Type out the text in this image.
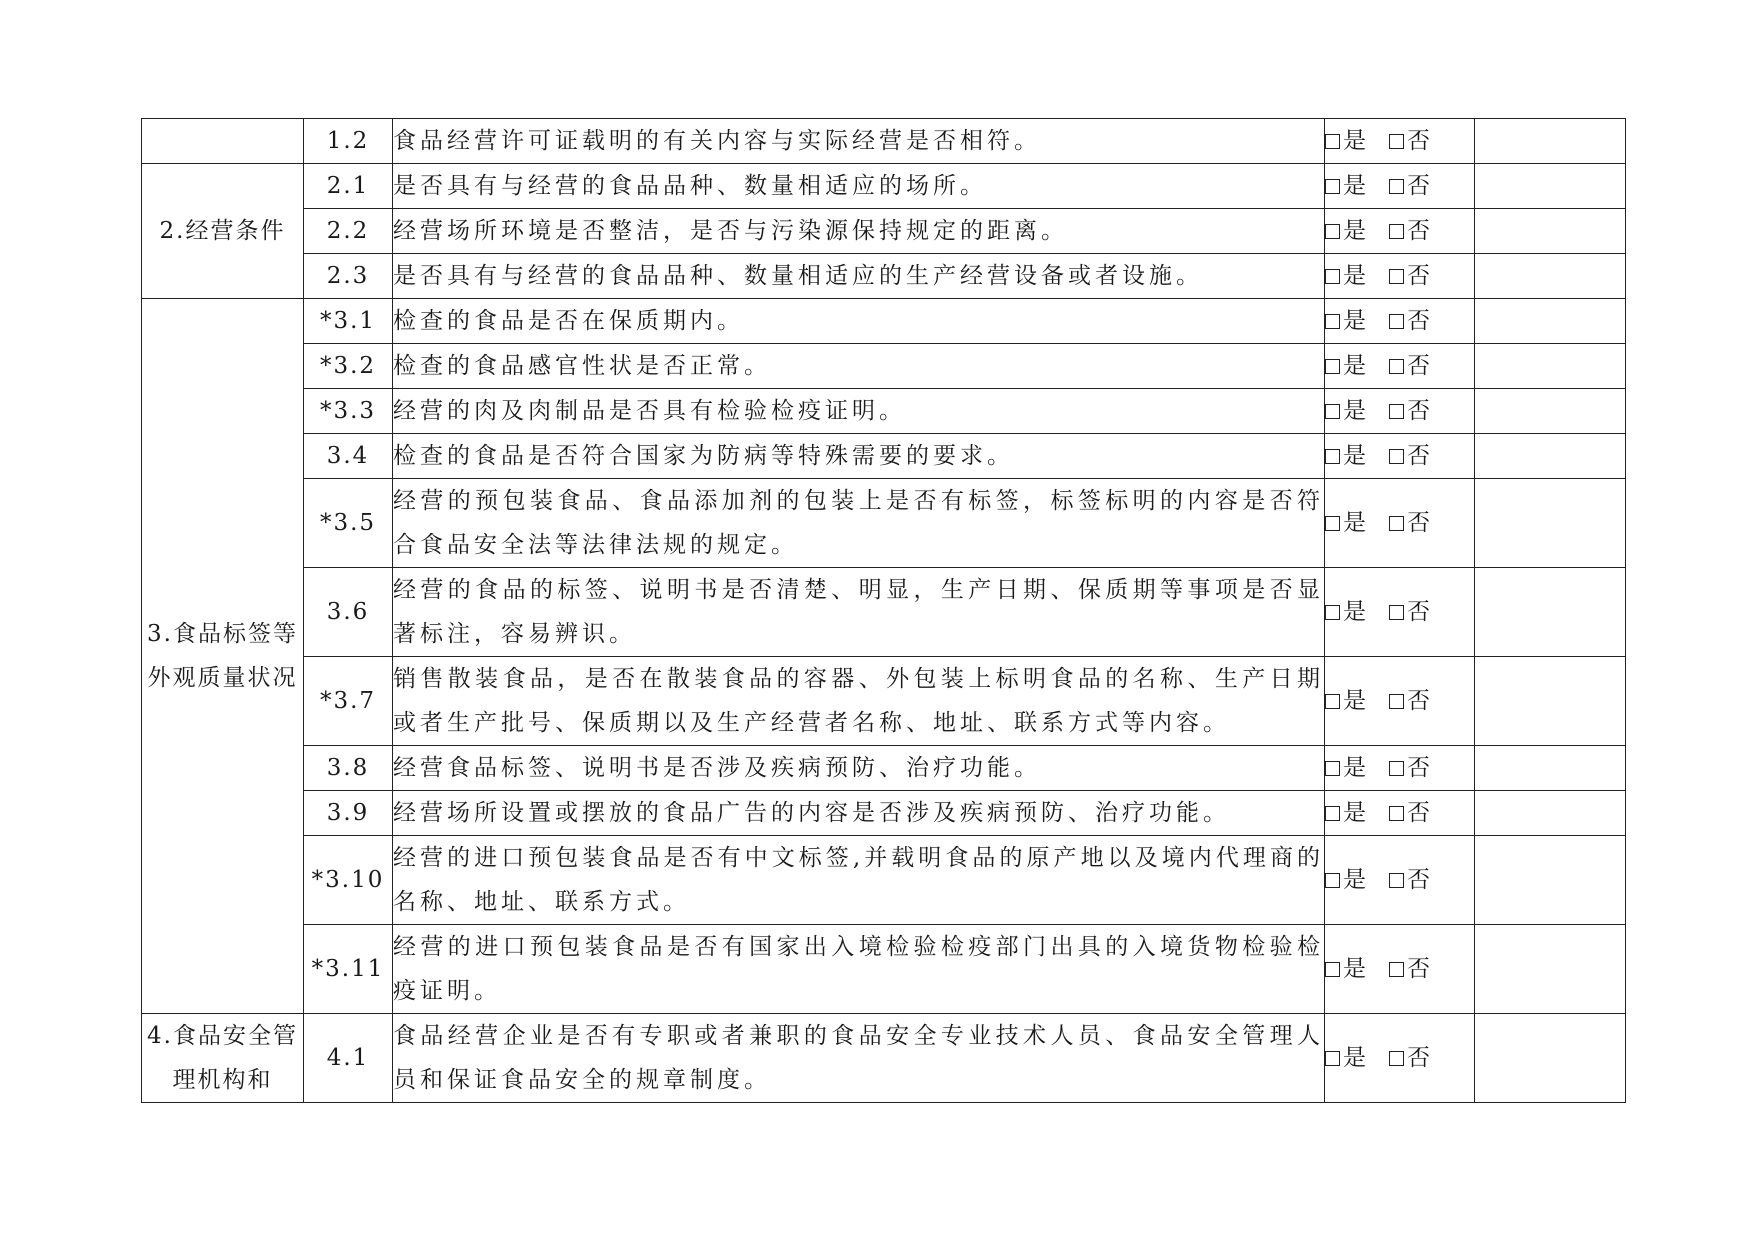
	1.2	食品经营许可证载明的有关内容与实际经营是否相符。	是 否	
2.经营条件	2.1	是否具有与经营的食品品种、数量相适应的场所。	是 否	
	2.2	经营场所环境是否整洁，是否与污染源保持规定的距离。	是 否	
	2.3	是否具有与经营的食品品种、数量相适应的生产经营设备或者设施。	是 否	
3.食品标签等外观质量状况	*3.1	检查的食品是否在保质期内。	是 否	
	*3.2	检查的食品感官性状是否正常。	是 否	
	*3.3	经营的肉及肉制品是否具有检验检疫证明。	是 否	
	3.4	检查的食品是否符合国家为防病等特殊需要的要求。	是 否	
	*3.5	经营的预包装食品、食品添加剂的包装上是否有标签，标签标明的内容是否符合食品安全法等法律法规的规定。	是 否	
	3.6	经营的食品的标签、说明书是否清楚、明显，生产日期、保质期等事项是否显著标注，容易辨识。	是 否	
	*3.7	销售散装食品，是否在散装食品的容器、外包装上标明食品的名称、生产日期或者生产批号、保质期以及生产经营者名称、地址、联系方式等内容。	是 否	
	3.8	经营食品标签、说明书是否涉及疾病预防、治疗功能。	是 否	
	3.9	经营场所设置或摆放的食品广告的内容是否涉及疾病预防、治疗功能。	是 否	
	*3.10	经营的进口预包装食品是否有中文标签,并载明食品的原产地以及境内代理商的名称、地址、联系方式。	是 否	
	*3.11	经营的进口预包装食品是否有国家出入境检验检疫部门出具的入境货物检验检疫证明。	是 否	
4.食品安全管理机构和	4.1	食品经营企业是否有专职或者兼职的食品安全专业技术人员、食品安全管理人员和保证食品安全的规章制度。	是 否	
